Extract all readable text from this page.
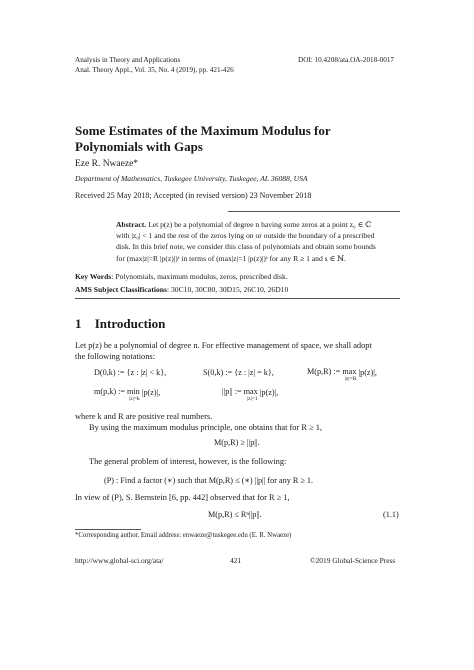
Analysis in Theory and Applications
Anal. Theory Appl., Vol. 35, No. 4 (2019), pp. 421-426
DOI: 10.4208/ata.OA-2018-0017
Some Estimates of the Maximum Modulus for
Polynomials with Gaps
Eze R. Nwaeze*
Department of Mathematics, Tuskegee University, Tuskegee, AL 36088, USA
Received 25 May 2018; Accepted (in revised version) 23 November 2018
Abstract. Let p(z) be a polynomial of degree n having some zeros at a point z₀ ∈ ℂ
with |z₀| < 1 and the rest of the zeros lying on or outside the boundary of a prescribed
disk. In this brief note, we consider this class of polynomials and obtain some bounds
for (max|z|=R |p(z)|)ˢ in terms of (max|z|=1 |p(z)|)ˢ for any R ≥ 1 and s ∈ ℕ.
Key Words: Polynomials, maximum modulus, zeros, prescribed disk.
AMS Subject Classifications: 30C10, 30C80, 30D15, 26C10, 26D10
1 Introduction
Let p(z) be a polynomial of degree n. For effective management of space, we shall adopt
the following notations:
D(0,k) := {z : |z| < k},	S(0,k) := {z : |z| = k},	M(p,R) := max
|z|=R
|p(z)|,
m(p,k) := min
|z|=k
|p(z)|,	||p|| := max
|z|=1
|p(z)|,
where k and R are positive real numbers.
By using the maximum modulus principle, one obtains that for R ≥ 1,
M(p,R) ≥ ||p||.
The general problem of interest, however, is the following:
(P) : Find a factor (∗) such that M(p,R) ≤ (∗) ||p|| for any R ≥ 1.
In view of (P), S. Bernstein [6, pp. 442] observed that for R ≥ 1,
M(p,R) ≤ Rⁿ||p||.	(1.1)
*Corresponding author. Email address: enwaeze@tuskegee.edu (E. R. Nwaeze)
http://www.global-sci.org/ata/	421	©2019 Global-Science Press
